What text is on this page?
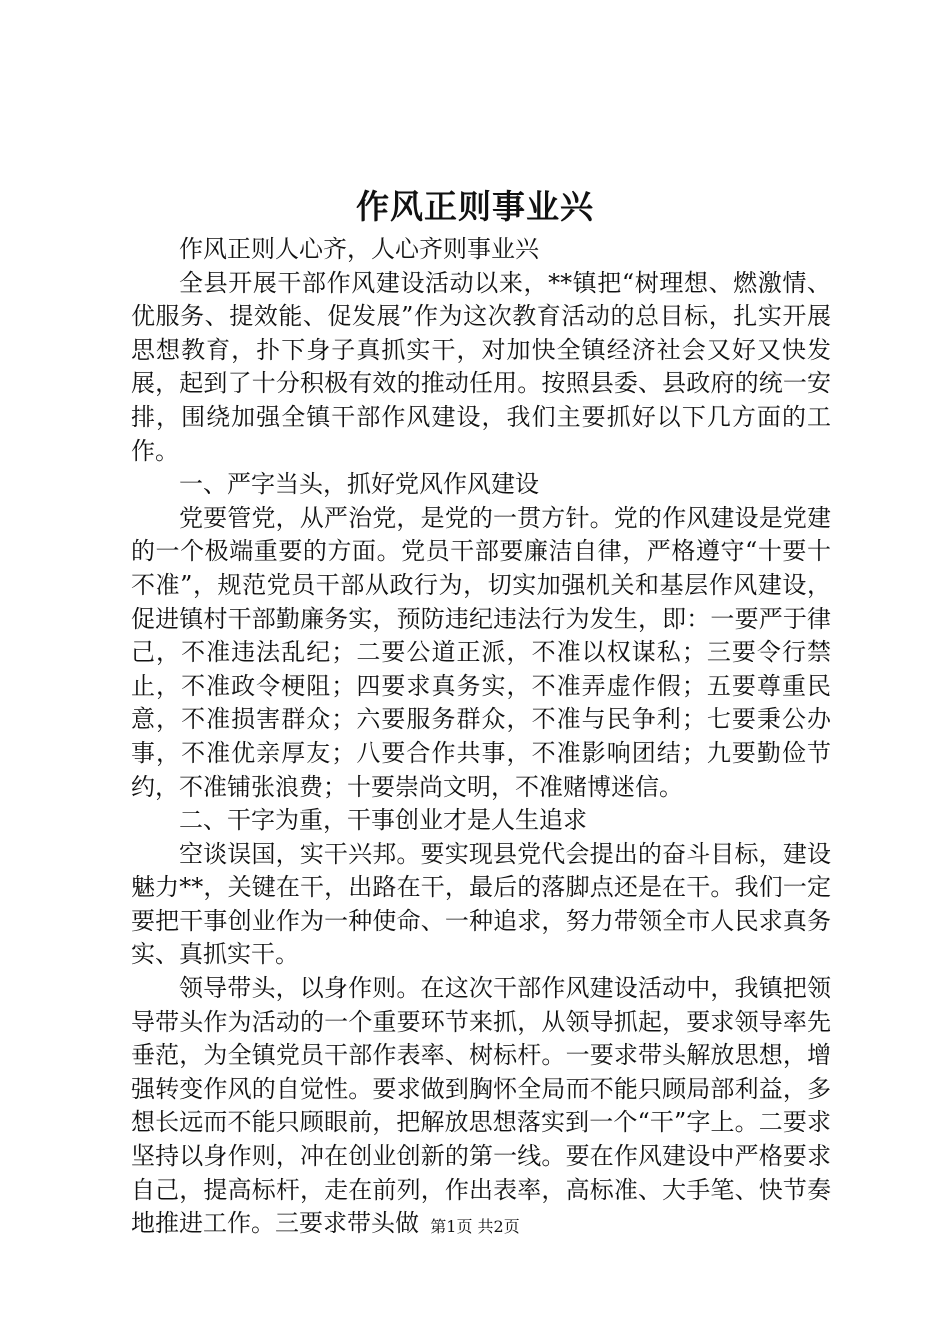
作风正则事业兴

作风正则人心齐，人心齐则事业兴

全县开展干部作风建设活动以来，**镇把“树理想、燃激情、优服务、提效能、促发展”作为这次教育活动的总目标，扎实开展思想教育，扑下身子真抓实干，对加快全镇经济社会又好又快发展，起到了十分积极有效的推动任用。按照县委、县政府的统一安排，围绕加强全镇干部作风建设，我们主要抓好以下几方面的工作。

一、严字当头，抓好党风作风建设

党要管党，从严治党，是党的一贯方针。党的作风建设是党建的一个极端重要的方面。党员干部要廉洁自律，严格遵守“十要十不准”，规范党员干部从政行为，切实加强机关和基层作风建设，促进镇村干部勤廉务实，预防违纪违法行为发生，即：一要严于律己，不准违法乱纪；二要公道正派，不准以权谋私；三要令行禁止，不准政令梗阻；四要求真务实，不准弄虚作假；五要尊重民意，不准损害群众；六要服务群众，不准与民争利；七要秉公办事，不准优亲厚友；八要合作共事，不准影响团结；九要勤俭节约，不准铺张浪费；十要崇尚文明，不准赌博迷信。

二、干字为重，干事创业才是人生追求

空谈误国，实干兴邦。要实现县党代会提出的奋斗目标，建设魅力**，关键在干，出路在干，最后的落脚点还是在干。我们一定要把干事创业作为一种使命、一种追求，努力带领全市人民求真务实、真抓实干。

领导带头，以身作则。在这次干部作风建设活动中，我镇把领导带头作为活动的一个重要环节来抓，从领导抓起，要求领导率先垂范，为全镇党员干部作表率、树标杆。一要求带头解放思想，增强转变作风的自觉性。要求做到胸怀全局而不能只顾局部利益，多想长远而不能只顾眼前，把解放思想落实到一个“干”字上。二要求坚持以身作则，冲在创业创新的第一线。要在作风建设中严格要求自己，提高标杆，走在前列，作出表率，高标准、大手笔、快节奏地推进工作。三要求带头做 第1页 共2页
